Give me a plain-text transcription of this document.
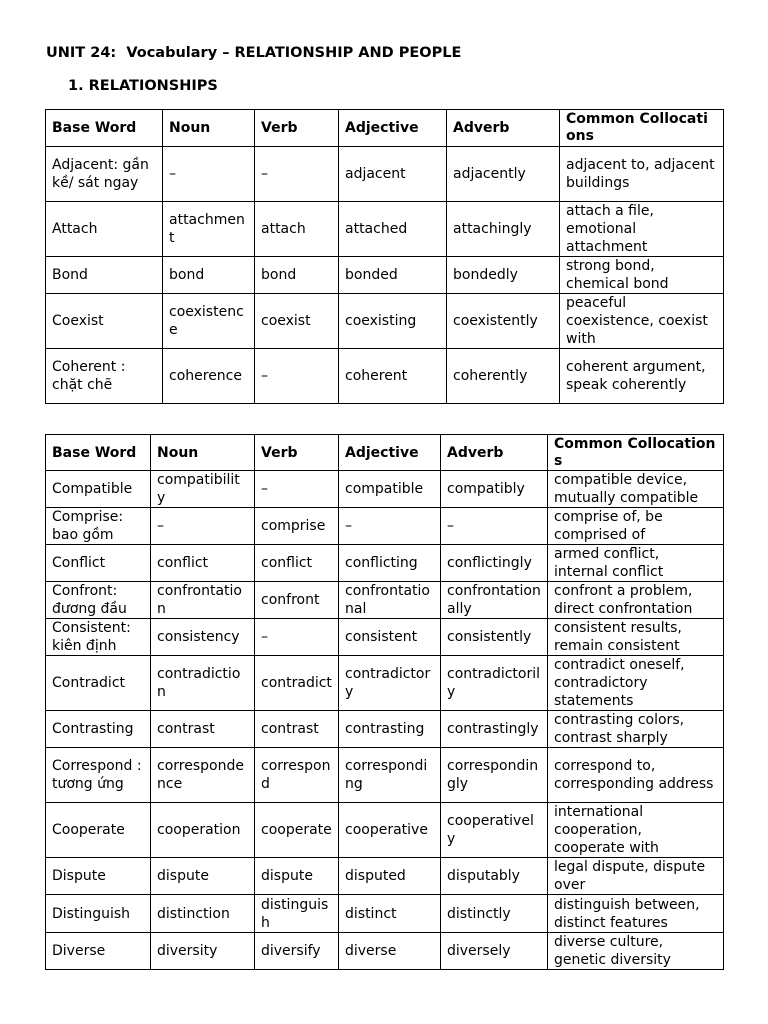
UNIT 24:  Vocabulary – RELATIONSHIP AND PEOPLE
1. RELATIONSHIPS
Base Word	Noun	Verb	Adjective	Adverb	Common Collocations
Adjacent: gần kề/ sát ngay	–	–	adjacent	adjacently	adjacent to, adjacent buildings
Attach	attachment	attach	attached	attachingly	attach a file, emotional attachment
Bond	bond	bond	bonded	bondedly	strong bond, chemical bond
Coexist	coexistence	coexist	coexisting	coexistently	peaceful coexistence, coexist with
Coherent : chặt chẽ	coherence	–	coherent	coherently	coherent argument, speak coherently
Base Word	Noun	Verb	Adjective	Adverb	Common Collocations
Compatible	compatibility	–	compatible	compatibly	compatible device, mutually compatible
Comprise: bao gồm	–	comprise	–	–	comprise of, be comprised of
Conflict	conflict	conflict	conflicting	conflictingly	armed conflict, internal conflict
Confront: đương đầu	confrontation	confront	confrontational	confrontationally	confront a problem, direct confrontation
Consistent: kiên định	consistency	–	consistent	consistently	consistent results, remain consistent
Contradict	contradiction	contradict	contradictory	contradictorily	contradict oneself, contradictory statements
Contrasting	contrast	contrast	contrasting	contrastingly	contrasting colors, contrast sharply
Correspond : tương ứng	correspondence	correspond	corresponding	correspondingly	correspond to, corresponding address
Cooperate	cooperation	cooperate	cooperative	cooperatively	international cooperation, cooperate with
Dispute	dispute	dispute	disputed	disputably	legal dispute, dispute over
Distinguish	distinction	distinguish	distinct	distinctly	distinguish between, distinct features
Diverse	diversity	diversify	diverse	diversely	diverse culture, genetic diversity
